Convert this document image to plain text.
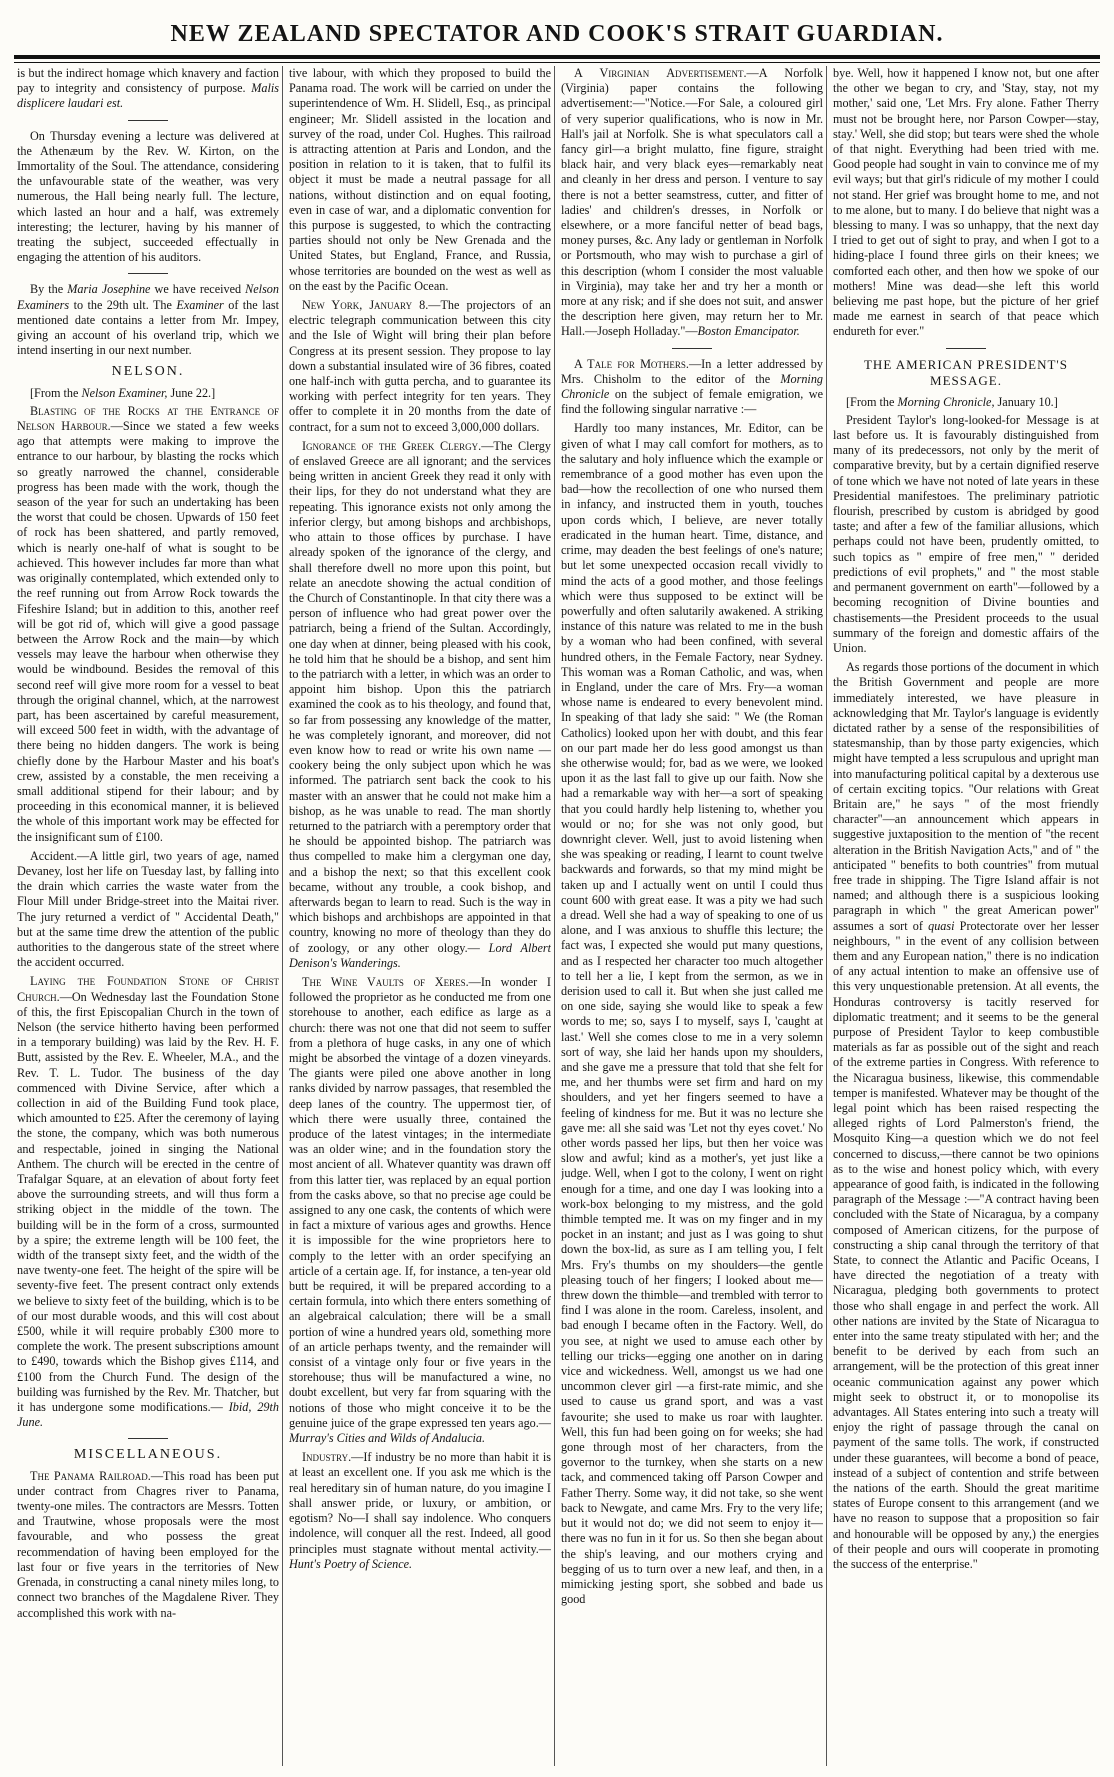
NEW ZEALAND SPECTATOR AND COOK'S STRAIT GUARDIAN.

is but the indirect homage which knavery and faction pay to integrity and consistency of purpose. Malis displicere laudari est.

On Thursday evening a lecture was delivered at the Athenæum by the Rev. W. Kirton, on the Immortality of the Soul. The attendance, considering the unfavourable state of the weather, was very numerous, the Hall being nearly full. The lecture, which lasted an hour and a half, was extremely interesting; the lecturer, having by his manner of treating the subject, succeeded effectually in engaging the attention of his auditors.

By the Maria Josephine we have received Nelson Examiners to the 29th ult. The Examiner of the last mentioned date contains a letter from Mr. Impey, giving an account of his overland trip, which we intend inserting in our next number.

NELSON.

[From the Nelson Examiner, June 22.]

Blasting of the Rocks at the Entrance of Nelson Harbour.—Since we stated a few weeks ago that attempts were making to improve the entrance to our harbour, by blasting the rocks which so greatly narrowed the channel, considerable progress has been made with the work, though the season of the year for such an undertaking has been the worst that could be chosen. Upwards of 150 feet of rock has been shattered, and partly removed, which is nearly one-half of what is sought to be achieved. This however includes far more than what was originally contemplated, which extended only to the reef running out from Arrow Rock towards the Fifeshire Island; but in addition to this, another reef will be got rid of, which will give a good passage between the Arrow Rock and the main—by which vessels may leave the harbour when otherwise they would be windbound. Besides the removal of this second reef will give more room for a vessel to beat through the original channel, which, at the narrowest part, has been ascertained by careful measurement, will exceed 500 feet in width, with the advantage of there being no hidden dangers. The work is being chiefly done by the Harbour Master and his boat's crew, assisted by a constable, the men receiving a small additional stipend for their labour; and by proceeding in this economical manner, it is believed the whole of this important work may be effected for the insignificant sum of £100.

Accident.—A little girl, two years of age, named Devaney, lost her life on Tuesday last, by falling into the drain which carries the waste water from the Flour Mill under Bridge-street into the Maitai river. The jury returned a verdict of " Accidental Death," but at the same time drew the attention of the public authorities to the dangerous state of the street where the accident occurred.

Laying the Foundation Stone of Christ Church.—On Wednesday last the Foundation Stone of this, the first Episcopalian Church in the town of Nelson (the service hitherto having been performed in a temporary building) was laid by the Rev. H. F. Butt, assisted by the Rev. E. Wheeler, M.A., and the Rev. T. L. Tudor. The business of the day commenced with Divine Service, after which a collection in aid of the Building Fund took place, which amounted to £25. After the ceremony of laying the stone, the company, which was both numerous and respectable, joined in singing the National Anthem. The church will be erected in the centre of Trafalgar Square, at an elevation of about forty feet above the surrounding streets, and will thus form a striking object in the middle of the town. The building will be in the form of a cross, surmounted by a spire; the extreme length will be 100 feet, the width of the transept sixty feet, and the width of the nave twenty-one feet. The height of the spire will be seventy-five feet. The present contract only extends we believe to sixty feet of the building, which is to be of our most durable woods, and this will cost about £500, while it will require probably £300 more to complete the work. The present subscriptions amount to £490, towards which the Bishop gives £114, and £100 from the Church Fund. The design of the building was furnished by the Rev. Mr. Thatcher, but it has undergone some modifications.— Ibid, 29th June.

MISCELLANEOUS.

The Panama Railroad.—This road has been put under contract from Chagres river to Panama, twenty-one miles. The contractors are Messrs. Totten and Trautwine, whose proposals were the most favourable, and who possess the great recommendation of having been employed for the last four or five years in the territories of New Grenada, in constructing a canal ninety miles long, to connect two branches of the Magdalene River. They accomplished this work with na-

tive labour, with which they proposed to build the Panama road. The work will be carried on under the superintendence of Wm. H. Slidell, Esq., as principal engineer; Mr. Slidell assisted in the location and survey of the road, under Col. Hughes. This railroad is attracting attention at Paris and London, and the position in relation to it is taken, that to fulfil its object it must be made a neutral passage for all nations, without distinction and on equal footing, even in case of war, and a diplomatic convention for this purpose is suggested, to which the contracting parties should not only be New Grenada and the United States, but England, France, and Russia, whose territories are bounded on the west as well as on the east by the Pacific Ocean.

New York, January 8.—The projectors of an electric telegraph communication between this city and the Isle of Wight will bring their plan before Congress at its present session. They propose to lay down a substantial insulated wire of 36 fibres, coated one half-inch with gutta percha, and to guarantee its working with perfect integrity for ten years. They offer to complete it in 20 months from the date of contract, for a sum not to exceed 3,000,000 dollars.

Ignorance of the Greek Clergy.—The Clergy of enslaved Greece are all ignorant; and the services being written in ancient Greek they read it only with their lips, for they do not understand what they are repeating. This ignorance exists not only among the inferior clergy, but among bishops and archbishops, who attain to those offices by purchase. I have already spoken of the ignorance of the clergy, and shall therefore dwell no more upon this point, but relate an anecdote showing the actual condition of the Church of Constantinople. In that city there was a person of influence who had great power over the patriarch, being a friend of the Sultan. Accordingly, one day when at dinner, being pleased with his cook, he told him that he should be a bishop, and sent him to the patriarch with a letter, in which was an order to appoint him bishop. Upon this the patriarch examined the cook as to his theology, and found that, so far from possessing any knowledge of the matter, he was completely ignorant, and moreover, did not even know how to read or write his own name —cookery being the only subject upon which he was informed. The patriarch sent back the cook to his master with an answer that he could not make him a bishop, as he was unable to read. The man shortly returned to the patriarch with a peremptory order that he should be appointed bishop. The patriarch was thus compelled to make him a clergyman one day, and a bishop the next; so that this excellent cook became, without any trouble, a cook bishop, and afterwards began to learn to read. Such is the way in which bishops and archbishops are appointed in that country, knowing no more of theology than they do of zoology, or any other ology.— Lord Albert Denison's Wanderings.

The Wine Vaults of Xeres.—In wonder I followed the proprietor as he conducted me from one storehouse to another, each edifice as large as a church: there was not one that did not seem to suffer from a plethora of huge casks, in any one of which might be absorbed the vintage of a dozen vineyards. The giants were piled one above another in long ranks divided by narrow passages, that resembled the deep lanes of the country. The uppermost tier, of which there were usually three, contained the produce of the latest vintages; in the intermediate was an older wine; and in the foundation story the most ancient of all. Whatever quantity was drawn off from this latter tier, was replaced by an equal portion from the casks above, so that no precise age could be assigned to any one cask, the contents of which were in fact a mixture of various ages and growths. Hence it is impossible for the wine proprietors here to comply to the letter with an order specifying an article of a certain age. If, for instance, a ten-year old butt be required, it will be prepared according to a certain formula, into which there enters something of an algebraical calculation; there will be a small portion of wine a hundred years old, something more of an article perhaps twenty, and the remainder will consist of a vintage only four or five years in the storehouse; thus will be manufactured a wine, no doubt excellent, but very far from squaring with the notions of those who might conceive it to be the genuine juice of the grape expressed ten years ago.— Murray's Cities and Wilds of Andalucia.

Industry.—If industry be no more than habit it is at least an excellent one. If you ask me which is the real hereditary sin of human nature, do you imagine I shall answer pride, or luxury, or ambition, or egotism? No—I shall say indolence. Who conquers indolence, will conquer all the rest. Indeed, all good principles must stagnate without mental activity.— Hunt's Poetry of Science.

A Virginian Advertisement.—A Norfolk (Virginia) paper contains the following advertisement:—"Notice.—For Sale, a coloured girl of very superior qualifications, who is now in Mr. Hall's jail at Norfolk. She is what speculators call a fancy girl—a bright mulatto, fine figure, straight black hair, and very black eyes—remarkably neat and cleanly in her dress and person. I venture to say there is not a better seamstress, cutter, and fitter of ladies' and children's dresses, in Norfolk or elsewhere, or a more fanciful netter of bead bags, money purses, &c. Any lady or gentleman in Norfolk or Portsmouth, who may wish to purchase a girl of this description (whom I consider the most valuable in Virginia), may take her and try her a month or more at any risk; and if she does not suit, and answer the description here given, may return her to Mr. Hall.—Joseph Holladay."—Boston Emancipator.

A Tale for Mothers.—In a letter addressed by Mrs. Chisholm to the editor of the Morning Chronicle on the subject of female emigration, we find the following singular narrative :—

Hardly too many instances, Mr. Editor, can be given of what I may call comfort for mothers, as to the salutary and holy influence which the example or remembrance of a good mother has even upon the bad—how the recollection of one who nursed them in infancy, and instructed them in youth, touches upon cords which, I believe, are never totally eradicated in the human heart. Time, distance, and crime, may deaden the best feelings of one's nature; but let some unexpected occasion recall vividly to mind the acts of a good mother, and those feelings which were thus supposed to be extinct will be powerfully and often salutarily awakened. A striking instance of this nature was related to me in the bush by a woman who had been confined, with several hundred others, in the Female Factory, near Sydney. This woman was a Roman Catholic, and was, when in England, under the care of Mrs. Fry—a woman whose name is endeared to every benevolent mind. In speaking of that lady she said: " We (the Roman Catholics) looked upon her with doubt, and this fear on our part made her do less good amongst us than she otherwise would; for, bad as we were, we looked upon it as the last fall to give up our faith. Now she had a remarkable way with her—a sort of speaking that you could hardly help listening to, whether you would or no; for she was not only good, but downright clever. Well, just to avoid listening when she was speaking or reading, I learnt to count twelve backwards and forwards, so that my mind might be taken up and I actually went on until I could thus count 600 with great ease. It was a pity we had such a dread. Well she had a way of speaking to one of us alone, and I was anxious to shuffle this lecture; the fact was, I expected she would put many questions, and as I respected her character too much altogether to tell her a lie, I kept from the sermon, as we in derision used to call it. But when she just called me on one side, saying she would like to speak a few words to me; so, says I to myself, says I, 'caught at last.' Well she comes close to me in a very solemn sort of way, she laid her hands upon my shoulders, and she gave me a pressure that told that she felt for me, and her thumbs were set firm and hard on my shoulders, and yet her fingers seemed to have a feeling of kindness for me. But it was no lecture she gave me: all she said was 'Let not thy eyes covet.' No other words passed her lips, but then her voice was slow and awful; kind as a mother's, yet just like a judge. Well, when I got to the colony, I went on right enough for a time, and one day I was looking into a work-box belonging to my mistress, and the gold thimble tempted me. It was on my finger and in my pocket in an instant; and just as I was going to shut down the box-lid, as sure as I am telling you, I felt Mrs. Fry's thumbs on my shoulders—the gentle pleasing touch of her fingers; I looked about me—threw down the thimble—and trembled with terror to find I was alone in the room. Careless, insolent, and bad enough I became often in the Factory. Well, do you see, at night we used to amuse each other by telling our tricks—egging one another on in daring vice and wickedness. Well, amongst us we had one uncommon clever girl —a first-rate mimic, and she used to cause us grand sport, and was a vast favourite; she used to make us roar with laughter. Well, this fun had been going on for weeks; she had gone through most of her characters, from the governor to the turnkey, when she starts on a new tack, and commenced taking off Parson Cowper and Father Therry. Some way, it did not take, so she went back to Newgate, and came Mrs. Fry to the very life; but it would not do; we did not seem to enjoy it—there was no fun in it for us. So then she began about the ship's leaving, and our mothers crying and begging of us to turn over a new leaf, and then, in a mimicking jesting sport, she sobbed and bade us good

bye. Well, how it happened I know not, but one after the other we began to cry, and 'Stay, stay, not my mother,' said one, 'Let Mrs. Fry alone. Father Therry must not be brought here, nor Parson Cowper—stay, stay.' Well, she did stop; but tears were shed the whole of that night. Everything had been tried with me. Good people had sought in vain to convince me of my evil ways; but that girl's ridicule of my mother I could not stand. Her grief was brought home to me, and not to me alone, but to many. I do believe that night was a blessing to many. I was so unhappy, that the next day I tried to get out of sight to pray, and when I got to a hiding-place I found three girls on their knees; we comforted each other, and then how we spoke of our mothers! Mine was dead—she left this world believing me past hope, but the picture of her grief made me earnest in search of that peace which endureth for ever."

THE AMERICAN PRESIDENT'S MESSAGE.

[From the Morning Chronicle, January 10.]

President Taylor's long-looked-for Message is at last before us. It is favourably distinguished from many of its predecessors, not only by the merit of comparative brevity, but by a certain dignified reserve of tone which we have not noted of late years in these Presidential manifestoes. The preliminary patriotic flourish, prescribed by custom is abridged by good taste; and after a few of the familiar allusions, which perhaps could not have been, prudently omitted, to such topics as " empire of free men," " derided predictions of evil prophets," and " the most stable and permanent government on earth"—followed by a becoming recognition of Divine bounties and chastisements—the President proceeds to the usual summary of the foreign and domestic affairs of the Union.

As regards those portions of the document in which the British Government and people are more immediately interested, we have pleasure in acknowledging that Mr. Taylor's language is evidently dictated rather by a sense of the responsibilities of statesmanship, than by those party exigencies, which might have tempted a less scrupulous and upright man into manufacturing political capital by a dexterous use of certain exciting topics. "Our relations with Great Britain are," he says " of the most friendly character"—an announcement which appears in suggestive juxtaposition to the mention of "the recent alteration in the British Navigation Acts," and of " the anticipated " benefits to both countries" from mutual free trade in shipping. The Tigre Island affair is not named; and although there is a suspicious looking paragraph in which " the great American power" assumes a sort of quasi Protectorate over her lesser neighbours, " in the event of any collision between them and any European nation," there is no indication of any actual intention to make an offensive use of this very unquestionable pretension. At all events, the Honduras controversy is tacitly reserved for diplomatic treatment; and it seems to be the general purpose of President Taylor to keep combustible materials as far as possible out of the sight and reach of the extreme parties in Congress. With reference to the Nicaragua business, likewise, this commendable temper is manifested. Whatever may be thought of the legal point which has been raised respecting the alleged rights of Lord Palmerston's friend, the Mosquito King—a question which we do not feel concerned to discuss,—there cannot be two opinions as to the wise and honest policy which, with every appearance of good faith, is indicated in the following paragraph of the Message :—"A contract having been concluded with the State of Nicaragua, by a company composed of American citizens, for the purpose of constructing a ship canal through the territory of that State, to connect the Atlantic and Pacific Oceans, I have directed the negotiation of a treaty with Nicaragua, pledging both governments to protect those who shall engage in and perfect the work. All other nations are invited by the State of Nicaragua to enter into the same treaty stipulated with her; and the benefit to be derived by each from such an arrangement, will be the protection of this great inner oceanic communication against any power which might seek to obstruct it, or to monopolise its advantages. All States entering into such a treaty will enjoy the right of passage through the canal on payment of the same tolls. The work, if constructed under these guarantees, will become a bond of peace, instead of a subject of contention and strife between the nations of the earth. Should the great maritime states of Europe consent to this arrangement (and we have no reason to suppose that a proposition so fair and honourable will be opposed by any,) the energies of their people and ours will cooperate in promoting the success of the enterprise."
